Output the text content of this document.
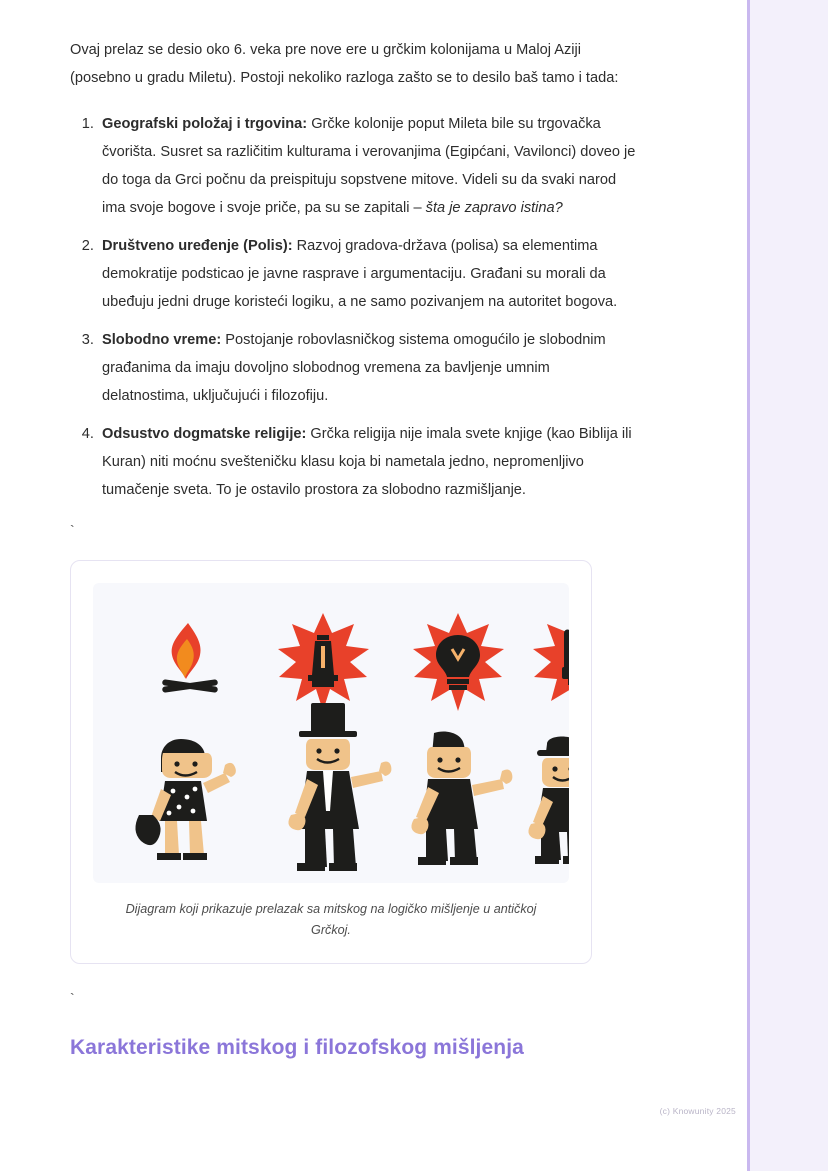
Ovaj prelaz se desio oko 6. veka pre nove ere u grčkim kolonijama u Maloj Aziji (posebno u gradu Miletu). Postoji nekoliko razloga zašto se to desilo baš tamo i tada:

1. Geografski položaj i trgovina: Grčke kolonije poput Mileta bile su trgovačka čvorišta. Susret sa različitim kulturama i verovanjima (Egipćani, Vavilonci) doveo je do toga da Grci počnu da preispituju sopstvene mitove. Videli su da svaki narod ima svoje bogove i svoje priče, pa su se zapitali – šta je zapravo istina?
2. Društveno uređenje (Polis): Razvoj gradova-država (polisa) sa elementima demokratije podsticao je javne rasprave i argumentaciju. Građani su morali da ubeđuju jedni druge koristeći logiku, a ne samo pozivanjem na autoritet bogova.
3. Slobodno vreme: Postojanje robovlasničkog sistema omogućilo je slobodnim građanima da imaju dovoljno slobodnog vremena za bavljenje umnim delatnostima, uključujući i filozofiju.
4. Odsustvo dogmatske religije: Grčka religija nije imala svete knjige (kao Biblija ili Kuran) niti moćnu svešteničku klasu koja bi nametala jedno, nepromenljivo tumačenje sveta. To je ostavilo prostora za slobodno razmišljanje.
`
Dijagram koji prikazuje prelazak sa mitskog na logičko mišljenje u antičkoj Grčkoj.
`
Karakteristike mitskog i filozofskog mišljenja
(c) Knowunity 2025
